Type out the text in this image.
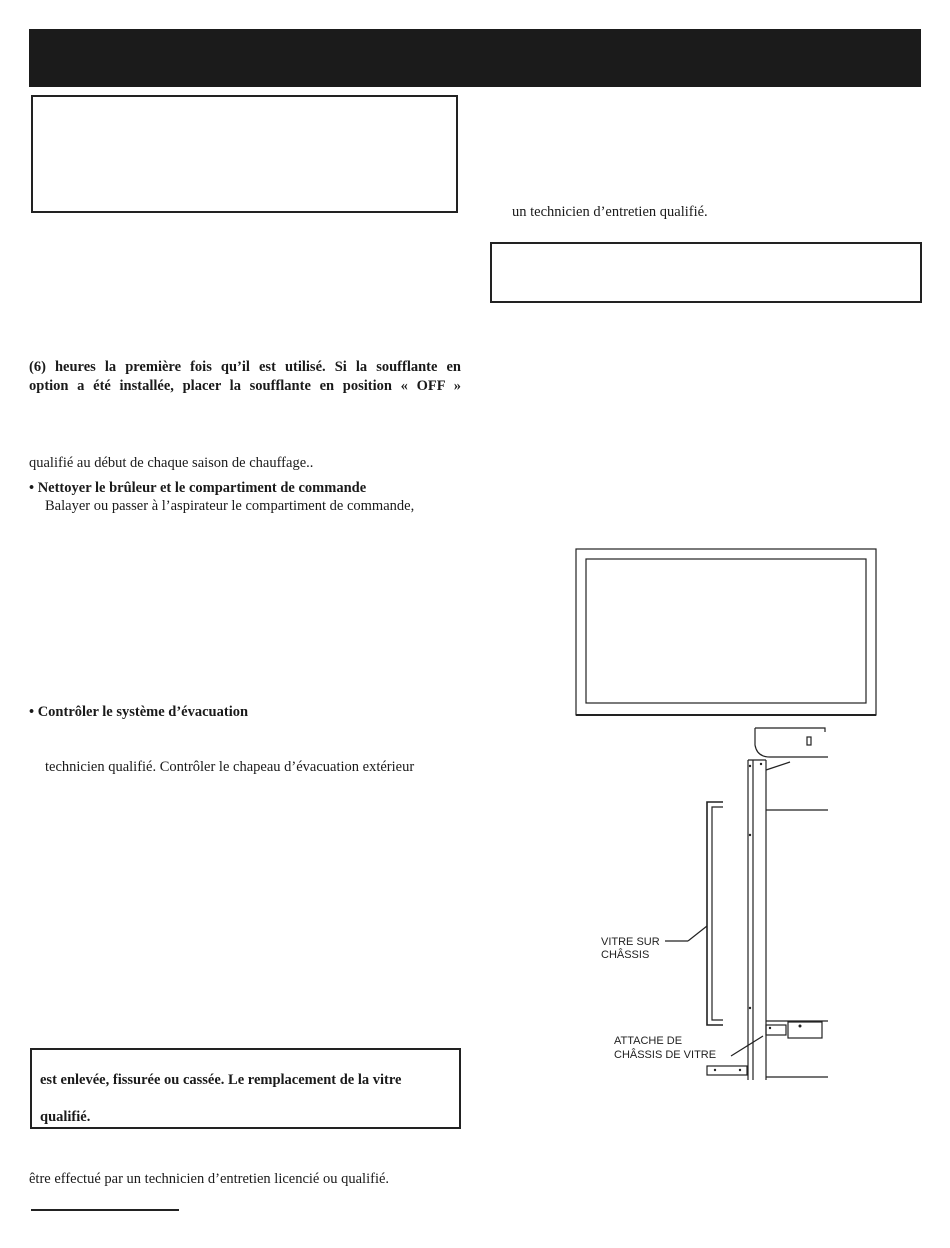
(6) heures la première fois qu’il est utilisé. Si la soufflante en
option a été installée, placer la soufflante en position « OFF »
qualifié au début de chaque saison de chauffage..
• Nettoyer le brûleur et le compartiment de commande
Balayer ou passer à l’aspirateur le compartiment de commande,
• Contrôler le système d’évacuation
technicien qualifié. Contrôler le chapeau d’évacuation extérieur
est enlevée, fissurée ou cassée. Le remplacement de la vitre
qualifié.
être effectué par un technicien d’entretien licencié ou qualifié.
un technicien d’entretien qualifié.
VITRE SUR
CHÂSSIS
ATTACHE DE
CHÂSSIS DE VITRE
